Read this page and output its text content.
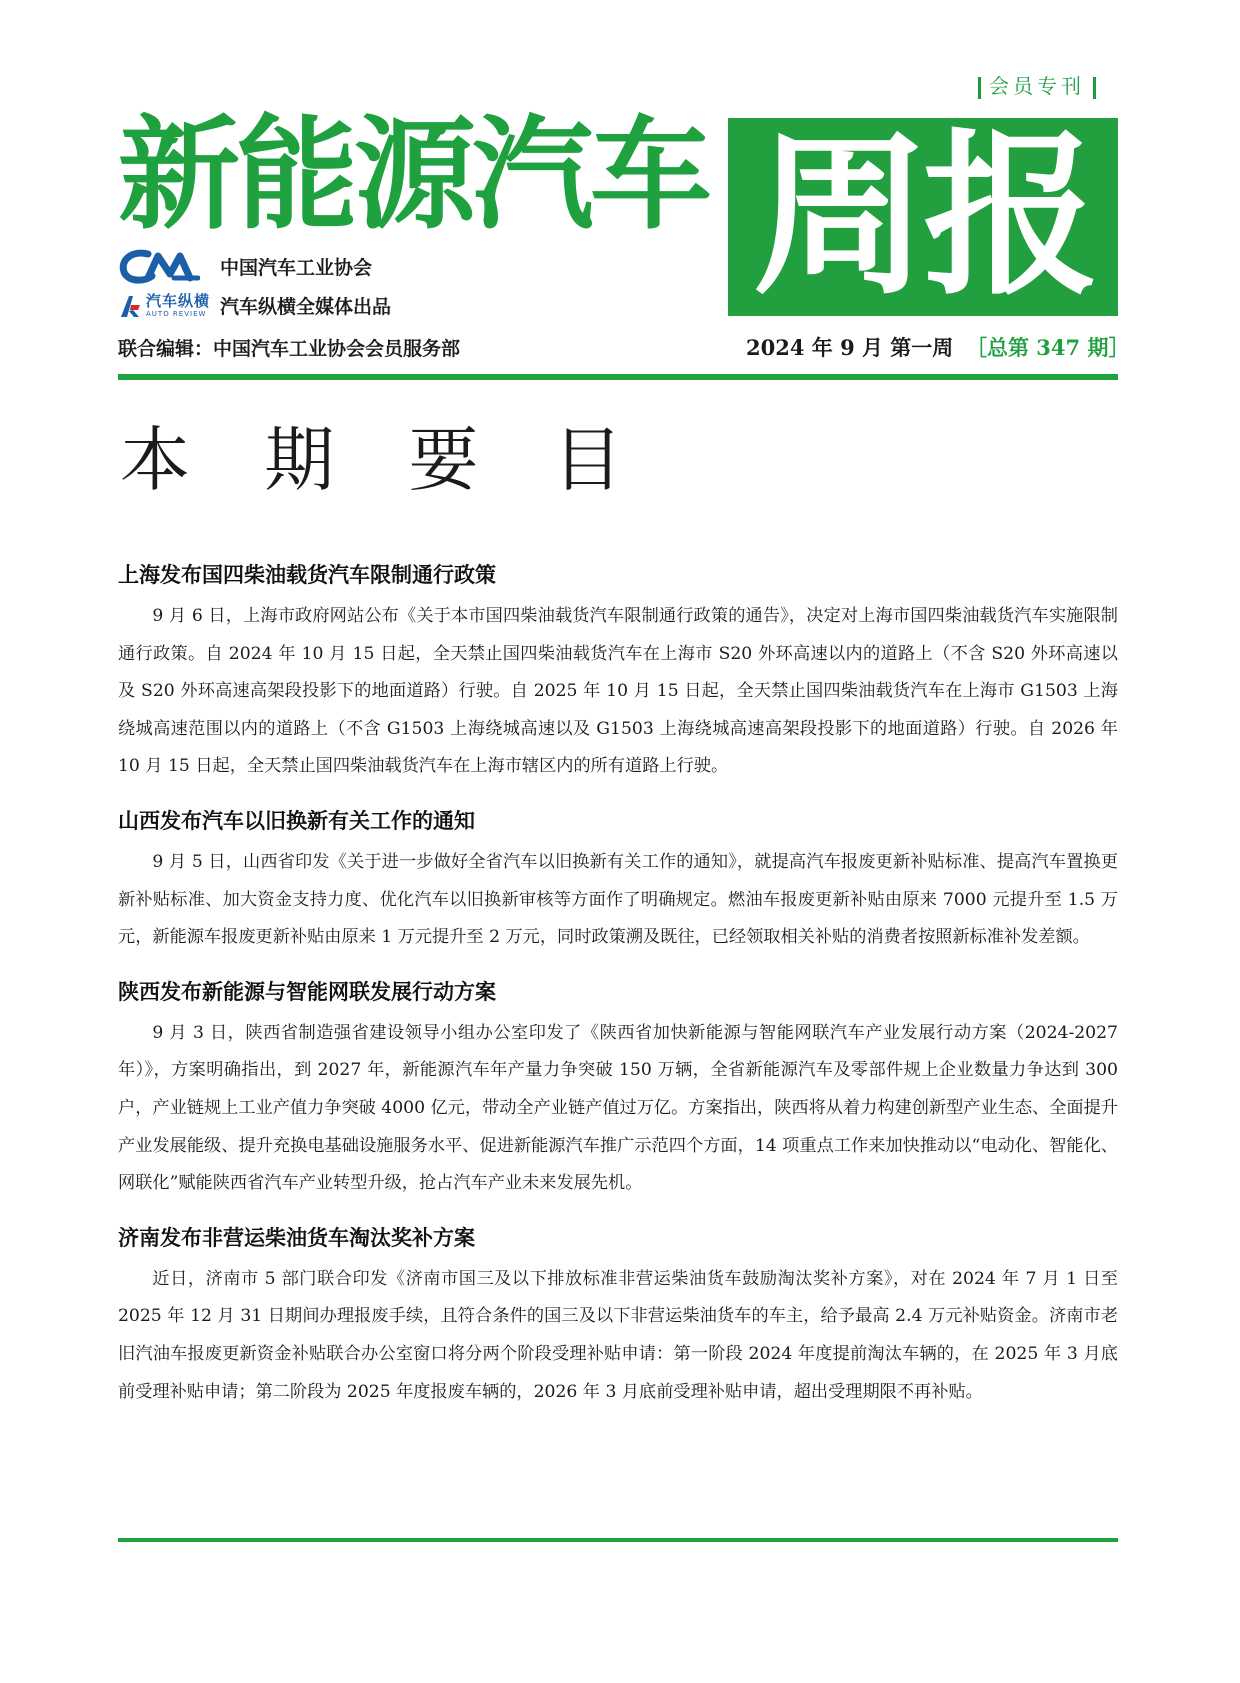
会员专刊
新能源汽车 周报
中国汽车工业协会
汽车纵横
AUTO REVIEW 汽车纵横全媒体出品
联合编辑：中国汽车工业协会会员服务部	2024 年 9 月 第一周 ［总第 347 期］
本 期 要 目
上海发布国四柴油载货汽车限制通行政策

9 月 6 日，上海市政府网站公布《关于本市国四柴油载货汽车限制通行政策的通告》，决定对上海市国四柴油载货汽车实施限制通行政策。自 2024 年 10 月 15 日起，全天禁止国四柴油载货汽车在上海市 S20 外环高速以内的道路上（不含 S20 外环高速以及 S20 外环高速高架段投影下的地面道路）行驶。自 2025 年 10 月 15 日起，全天禁止国四柴油载货汽车在上海市 G1503 上海绕城高速范围以内的道路上（不含 G1503 上海绕城高速以及 G1503 上海绕城高速高架段投影下的地面道路）行驶。自 2026 年 10 月 15 日起，全天禁止国四柴油载货汽车在上海市辖区内的所有道路上行驶。

山西发布汽车以旧换新有关工作的通知

9 月 5 日，山西省印发《关于进一步做好全省汽车以旧换新有关工作的通知》，就提高汽车报废更新补贴标准、提高汽车置换更新补贴标准、加大资金支持力度、优化汽车以旧换新审核等方面作了明确规定。燃油车报废更新补贴由原来 7000 元提升至 1.5 万元，新能源车报废更新补贴由原来 1 万元提升至 2 万元，同时政策溯及既往，已经领取相关补贴的消费者按照新标准补发差额。

陕西发布新能源与智能网联发展行动方案

9 月 3 日，陕西省制造强省建设领导小组办公室印发了《陕西省加快新能源与智能网联汽车产业发展行动方案（2024-2027 年）》，方案明确指出，到 2027 年，新能源汽车年产量力争突破 150 万辆，全省新能源汽车及零部件规上企业数量力争达到 300 户，产业链规上工业产值力争突破 4000 亿元，带动全产业链产值过万亿。方案指出，陕西将从着力构建创新型产业生态、全面提升产业发展能级、提升充换电基础设施服务水平、促进新能源汽车推广示范四个方面，14 项重点工作来加快推动以“电动化、智能化、网联化”赋能陕西省汽车产业转型升级，抢占汽车产业未来发展先机。

济南发布非营运柴油货车淘汰奖补方案

近日，济南市 5 部门联合印发《济南市国三及以下排放标准非营运柴油货车鼓励淘汰奖补方案》，对在 2024 年 7 月 1 日至 2025 年 12 月 31 日期间办理报废手续，且符合条件的国三及以下非营运柴油货车的车主，给予最高 2.4 万元补贴资金。济南市老旧汽油车报废更新资金补贴联合办公室窗口将分两个阶段受理补贴申请：第一阶段 2024 年度提前淘汰车辆的，在 2025 年 3 月底前受理补贴申请；第二阶段为 2025 年度报废车辆的，2026 年 3 月底前受理补贴申请，超出受理期限不再补贴。
